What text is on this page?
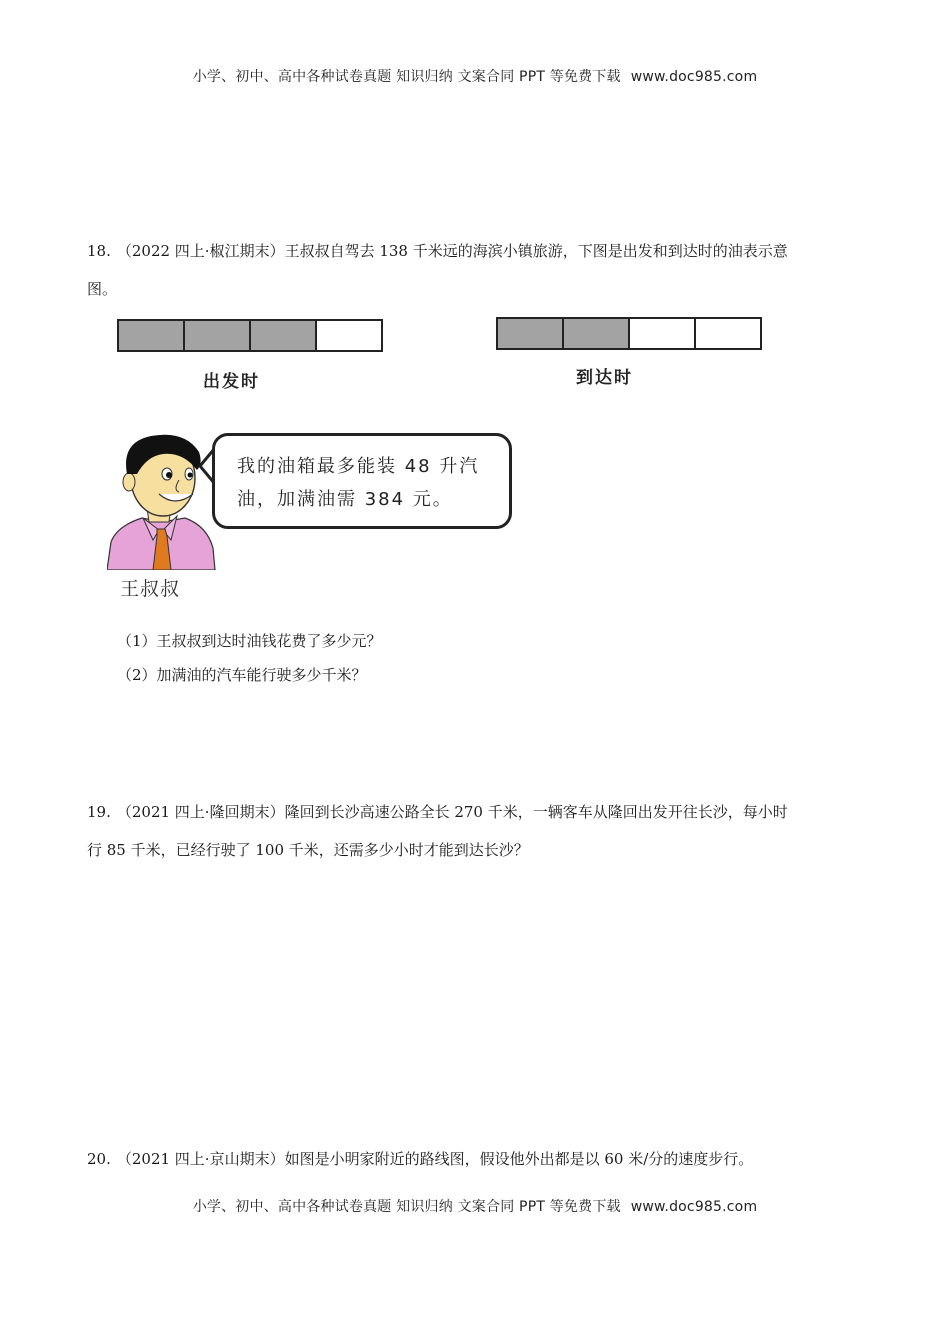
小学、初中、高中各种试卷真题 知识归纳 文案合同 PPT 等免费下载 www.doc985.com
18. （2022 四上·椒江期末）王叔叔自驾去 138 千米远的海滨小镇旅游，下图是出发和到达时的油表示意
图。
出发时	到达时
我的油箱最多能装 48 升汽
油，加满油需 384 元。
王叔叔
（1）王叔叔到达时油钱花费了多少元？
（2）加满油的汽车能行驶多少千米？
19. （2021 四上·隆回期末）隆回到长沙高速公路全长 270 千米，一辆客车从隆回出发开往长沙，每小时
行 85 千米，已经行驶了 100 千米，还需多少小时才能到达长沙？
20. （2021 四上·京山期末）如图是小明家附近的路线图，假设他外出都是以 60 米/分的速度步行。
小学、初中、高中各种试卷真题 知识归纳 文案合同 PPT 等免费下载 www.doc985.com
